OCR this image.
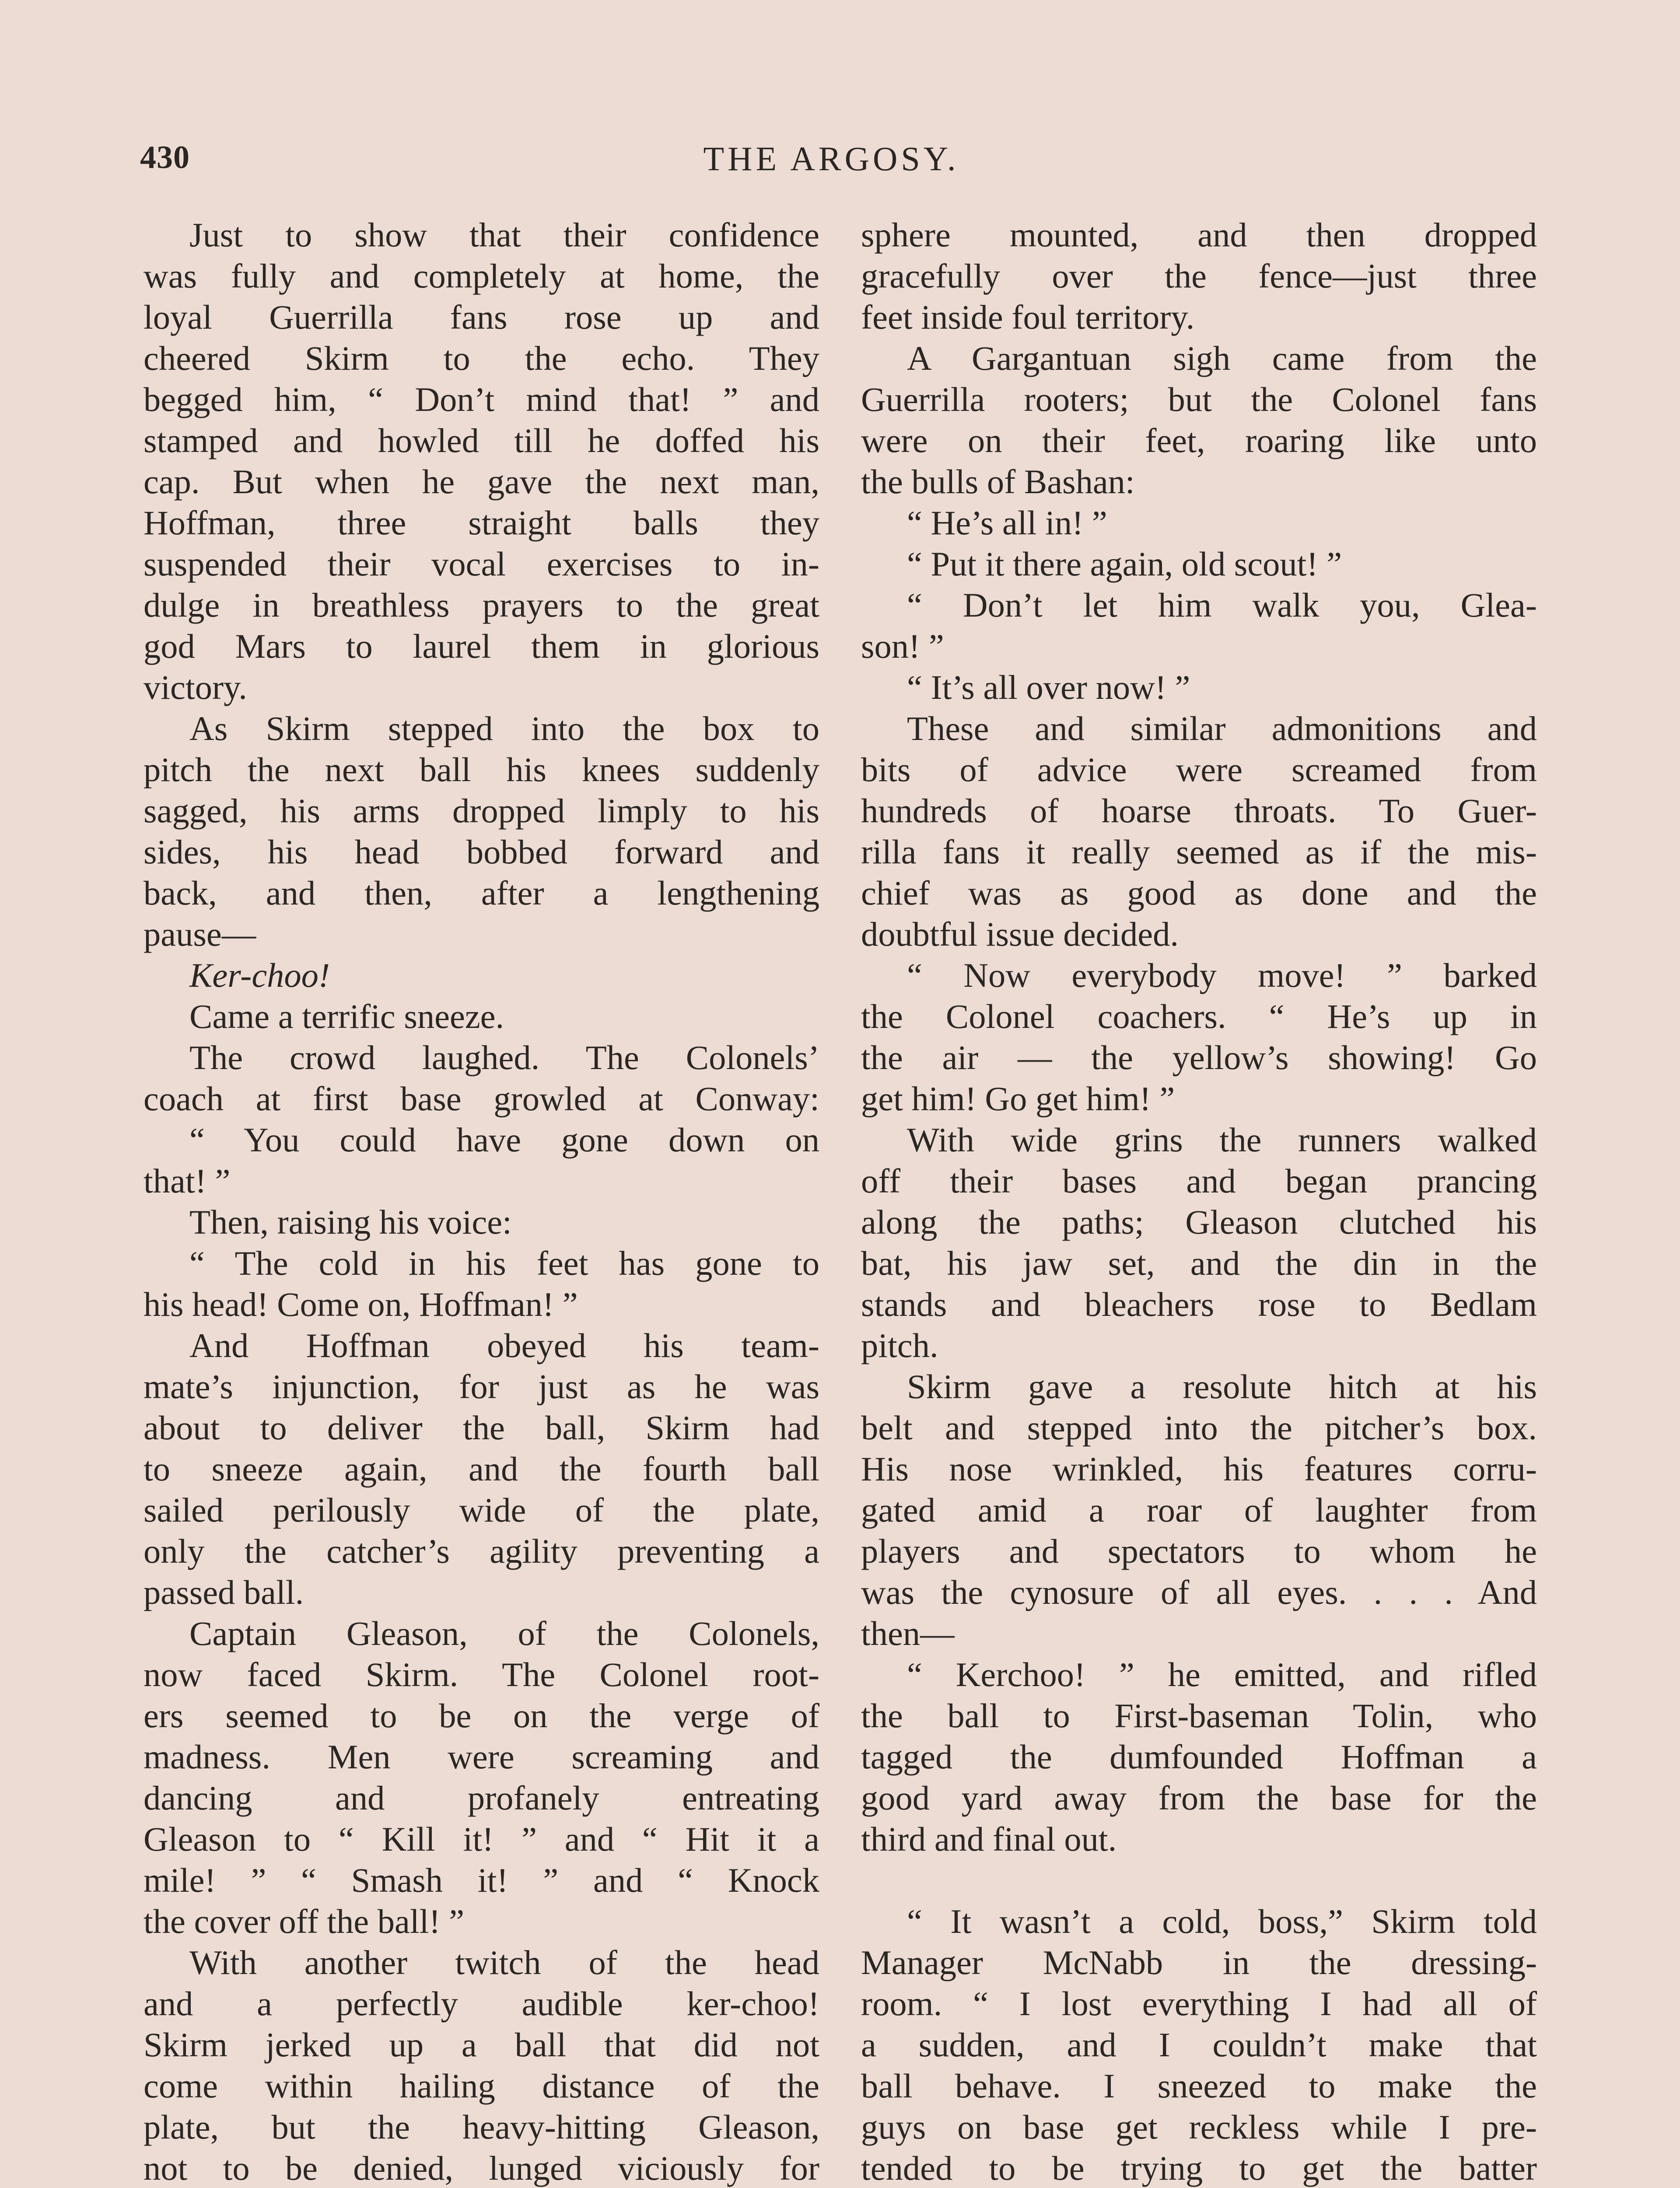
430	THE ARGOSY.
Just to show that their confidence
was fully and completely at home, the
loyal Guerrilla fans rose up and
cheered Skirm to the echo. They
begged him, “ Don’t mind that! ” and
stamped and howled till he doffed his
cap. But when he gave the next man,
Hoffman, three straight balls they
suspended their vocal exercises to in-
dulge in breathless prayers to the great
god Mars to laurel them in glorious
victory.
As Skirm stepped into the box to
pitch the next ball his knees suddenly
sagged, his arms dropped limply to his
sides, his head bobbed forward and
back, and then, after a lengthening
pause—
Ker-choo!
Came a terrific sneeze.
The crowd laughed. The Colonels’
coach at first base growled at Conway:
“ You could have gone down on
that! ”
Then, raising his voice:
“ The cold in his feet has gone to
his head! Come on, Hoffman! ”
And Hoffman obeyed his team-
mate’s injunction, for just as he was
about to deliver the ball, Skirm had
to sneeze again, and the fourth ball
sailed perilously wide of the plate,
only the catcher’s agility preventing a
passed ball.
Captain Gleason, of the Colonels,
now faced Skirm. The Colonel root-
ers seemed to be on the verge of
madness. Men were screaming and
dancing and profanely entreating
Gleason to “ Kill it! ” and “ Hit it a
mile! ” “ Smash it! ” and “ Knock
the cover off the ball! ”
With another twitch of the head
and a perfectly audible ker-choo!
Skirm jerked up a ball that did not
come within hailing distance of the
plate, but the heavy-hitting Gleason,
not to be denied, lunged viciously for
sphere mounted, and then dropped
gracefully over the fence—just three
feet inside foul territory.
A Gargantuan sigh came from the
Guerrilla rooters; but the Colonel fans
were on their feet, roaring like unto
the bulls of Bashan:
“ He’s all in! ”
“ Put it there again, old scout! ”
“ Don’t let him walk you, Glea-
son! ”
“ It’s all over now! ”
These and similar admonitions and
bits of advice were screamed from
hundreds of hoarse throats. To Guer-
rilla fans it really seemed as if the mis-
chief was as good as done and the
doubtful issue decided.
“ Now everybody move! ” barked
the Colonel coachers. “ He’s up in
the air — the yellow’s showing! Go
get him! Go get him! ”
With wide grins the runners walked
off their bases and began prancing
along the paths; Gleason clutched his
bat, his jaw set, and the din in the
stands and bleachers rose to Bedlam
pitch.
Skirm gave a resolute hitch at his
belt and stepped into the pitcher’s box.
His nose wrinkled, his features corru-
gated amid a roar of laughter from
players and spectators to whom he
was the cynosure of all eyes. . . . And
then—
“ Kerchoo! ” he emitted, and rifled
the ball to First-baseman Tolin, who
tagged the dumfounded Hoffman a
good yard away from the base for the
third and final out.
“ It wasn’t a cold, boss,” Skirm told
Manager McNabb in the dressing-
room. “ I lost everything I had all of
a sudden, and I couldn’t make that
ball behave. I sneezed to make the
guys on base get reckless while I pre-
tended to be trying to get the batter
